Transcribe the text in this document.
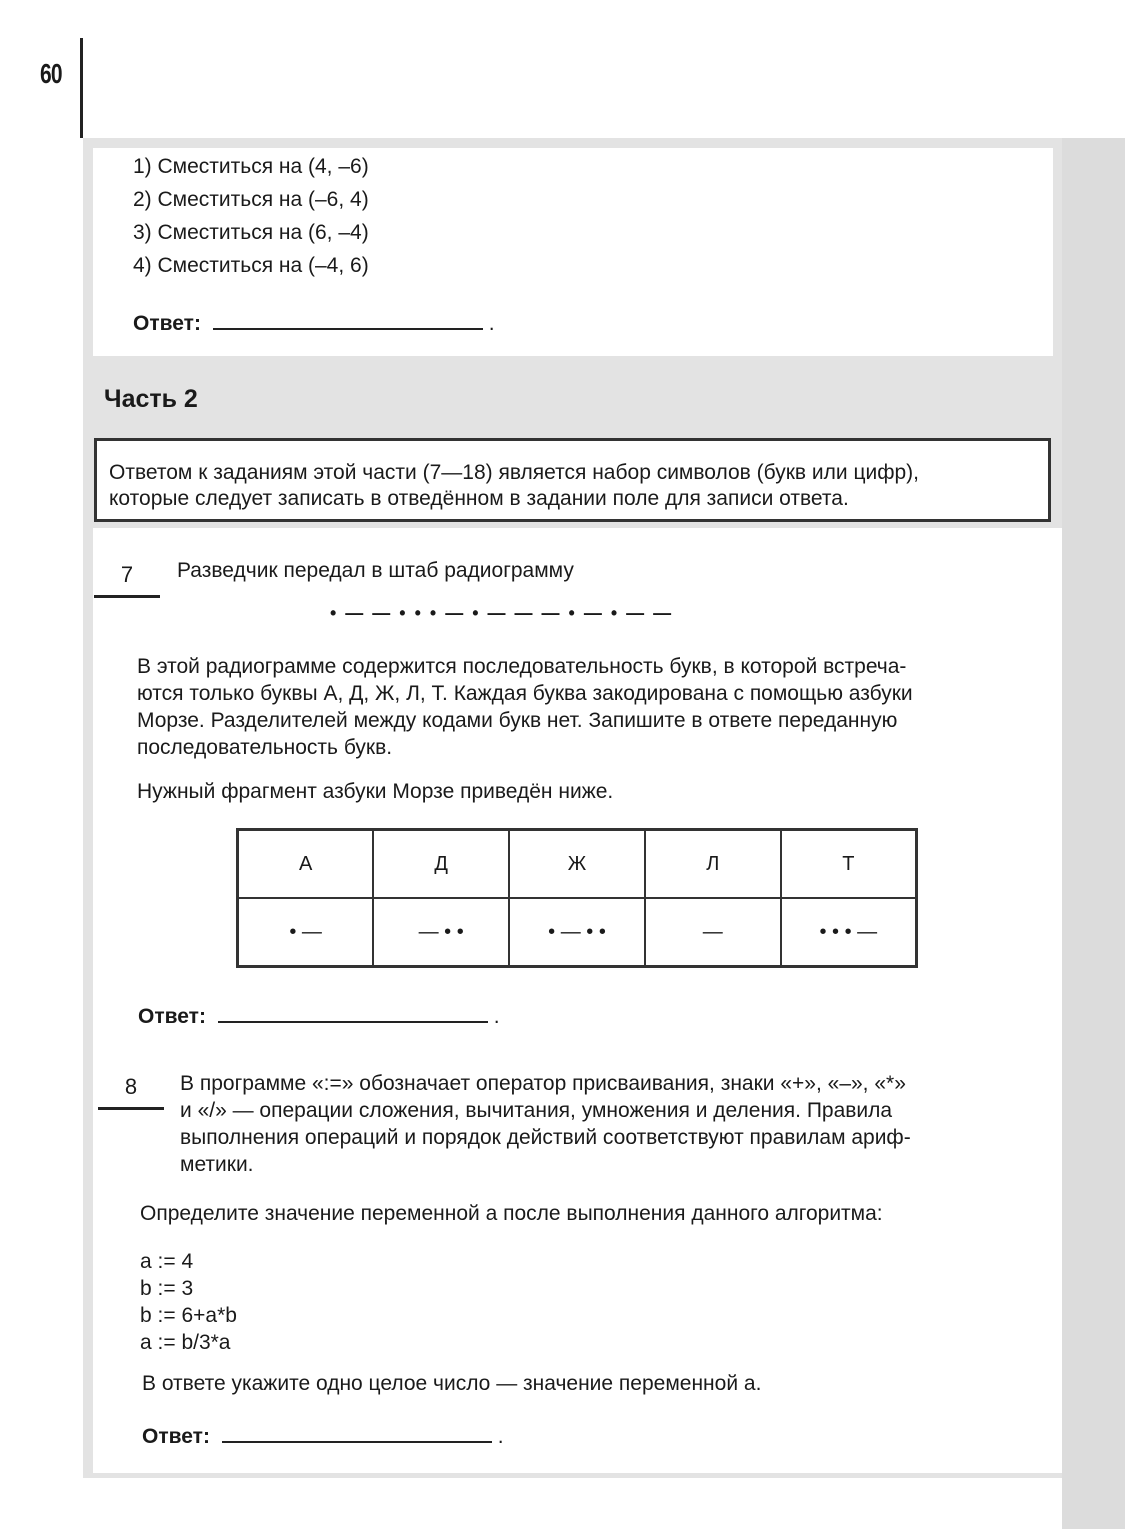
60
1) Сместиться на (4, –6)
2) Сместиться на (–6, 4)
3) Сместиться на (6, –4)
4) Сместиться на (–4, 6)
Ответ:	.
Часть 2

Ответом к заданиям этой части (7—18) является набор символов (букв или цифр),

которые следует записать в отведённом в задании поле для записи ответа.

7	Разведчик передал в штаб радиограмму
• — — • • • — • — — — • — • — —
В этой радиограмме содержится последовательность букв, в которой встреча-
ются только буквы А, Д, Ж, Л, Т. Каждая буква закодирована с помощью азбуки
Морзе. Разделителей между кодами букв нет. Запишите в ответе переданную
последовательность букв.
Нужный фрагмент азбуки Морзе приведён ниже.
А	Д	Ж	Л	Т
• —	— • •	• — • •	—	• • • —
Ответ:	.
8	В программе «:=» обозначает оператор присваивания, знаки «+», «–», «*»
и «/» — операции сложения, вычитания, умножения и деления. Правила
выполнения операций и порядок действий соответствуют правилам ариф-
метики.
Определите значение переменной a после выполнения данного алгоритма:
a := 4
b := 3
b := 6+a*b
a := b/3*a
В ответе укажите одно целое число — значение переменной a.
Ответ:	.
